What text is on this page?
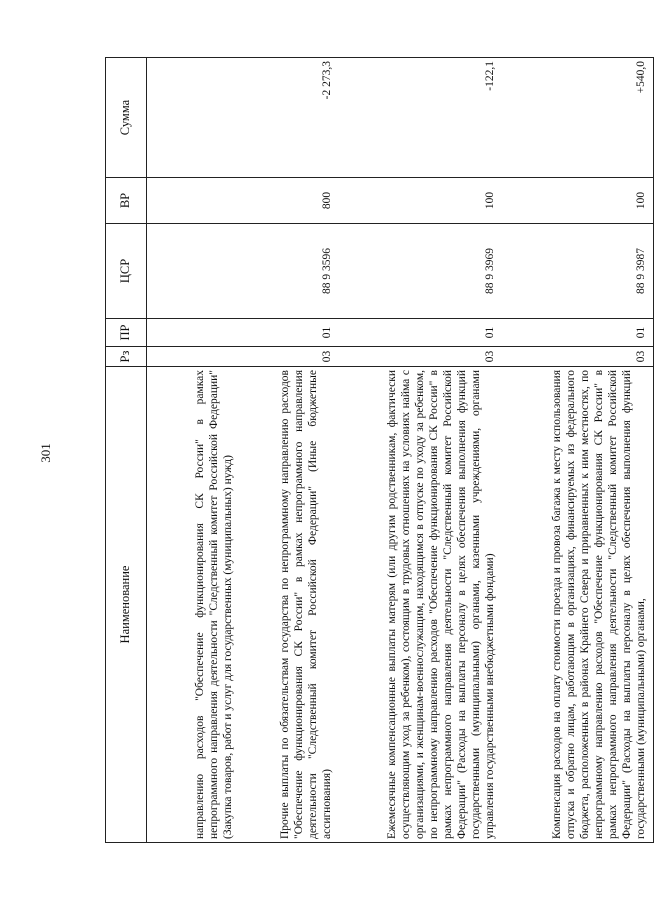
301
Наименование	Рз	ПР	ЦСР	ВР	Сумма
направлению расходов "Обеспечение функционирования СК России" в рамках непрограммного направления деятельности "Следственный комитет Российской Федерации" (Закупка товаров, работ и услуг для государственных (муниципальных) нужд)					
Прочие выплаты по обязательствам государства по непрограммному направлению расходов "Обеспечение функционирования СК России" в рамках непрограммного направления деятельности "Следственный комитет Российской Федерации" (Иные бюджетные ассигнования)	03	01	88 9 3596	800	-2 273,3
Ежемесячные компенсационные выплаты матерям (или другим родственникам, фактически осуществляющим уход за ребенком), состоящим в трудовых отношениях на условиях найма с организациями, и женщинам-военнослужащим, находящимся в отпуске по уходу за ребенком, по непрограммному направлению расходов "Обеспечение функционирования СК России" в рамках непрограммного направления деятельности "Следственный комитет Российской Федерации" (Расходы на выплаты персоналу в целях обеспечения выполнения функций государственными (муниципальными) органами, казенными учреждениями, органами управления государственными внебюджетными фондами)	03	01	88 9 3969	100	-122,1
Компенсация расходов на оплату стоимости проезда и провоза багажа к месту использования отпуска и обратно лицам, работающим в организациях, финансируемых из федерального бюджета, расположенных в районах Крайнего Севера и приравненных к ним местностях, по непрограммному направлению расходов "Обеспечение функционирования СК России" в рамках непрограммного направления деятельности "Следственный комитет Российской Федерации" (Расходы на выплаты персоналу в целях обеспечения выполнения функций государственными (муниципальными) органами,	03	01	88 9 3987	100	+540,0
